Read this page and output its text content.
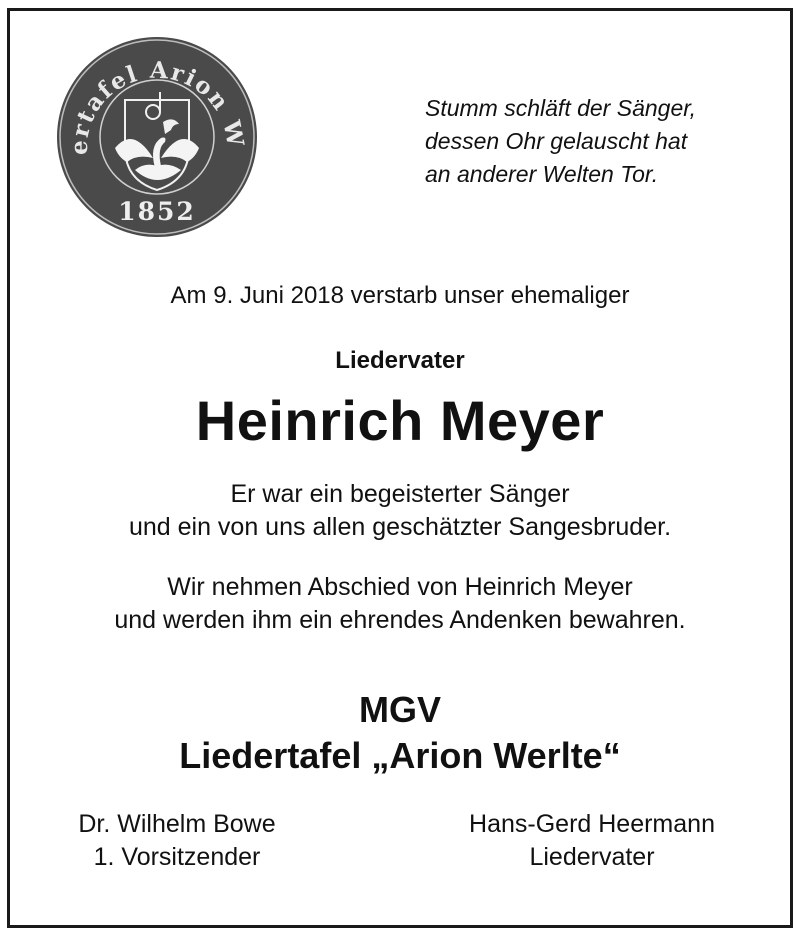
ertafel Arion W
1852
Stumm schläft der Sänger,
dessen Ohr gelauscht hat
an anderer Welten Tor.
Am 9. Juni 2018 verstarb unser ehemaliger
Liedervater
Heinrich Meyer
Er war ein begeisterter Sänger
und ein von uns allen geschätzter Sangesbruder.
Wir nehmen Abschied von Heinrich Meyer
und werden ihm ein ehrendes Andenken bewahren.
MGV
Liedertafel „Arion Werlte“
Dr. Wilhelm Bowe
1. Vorsitzender
Hans-Gerd Heermann
Liedervater
